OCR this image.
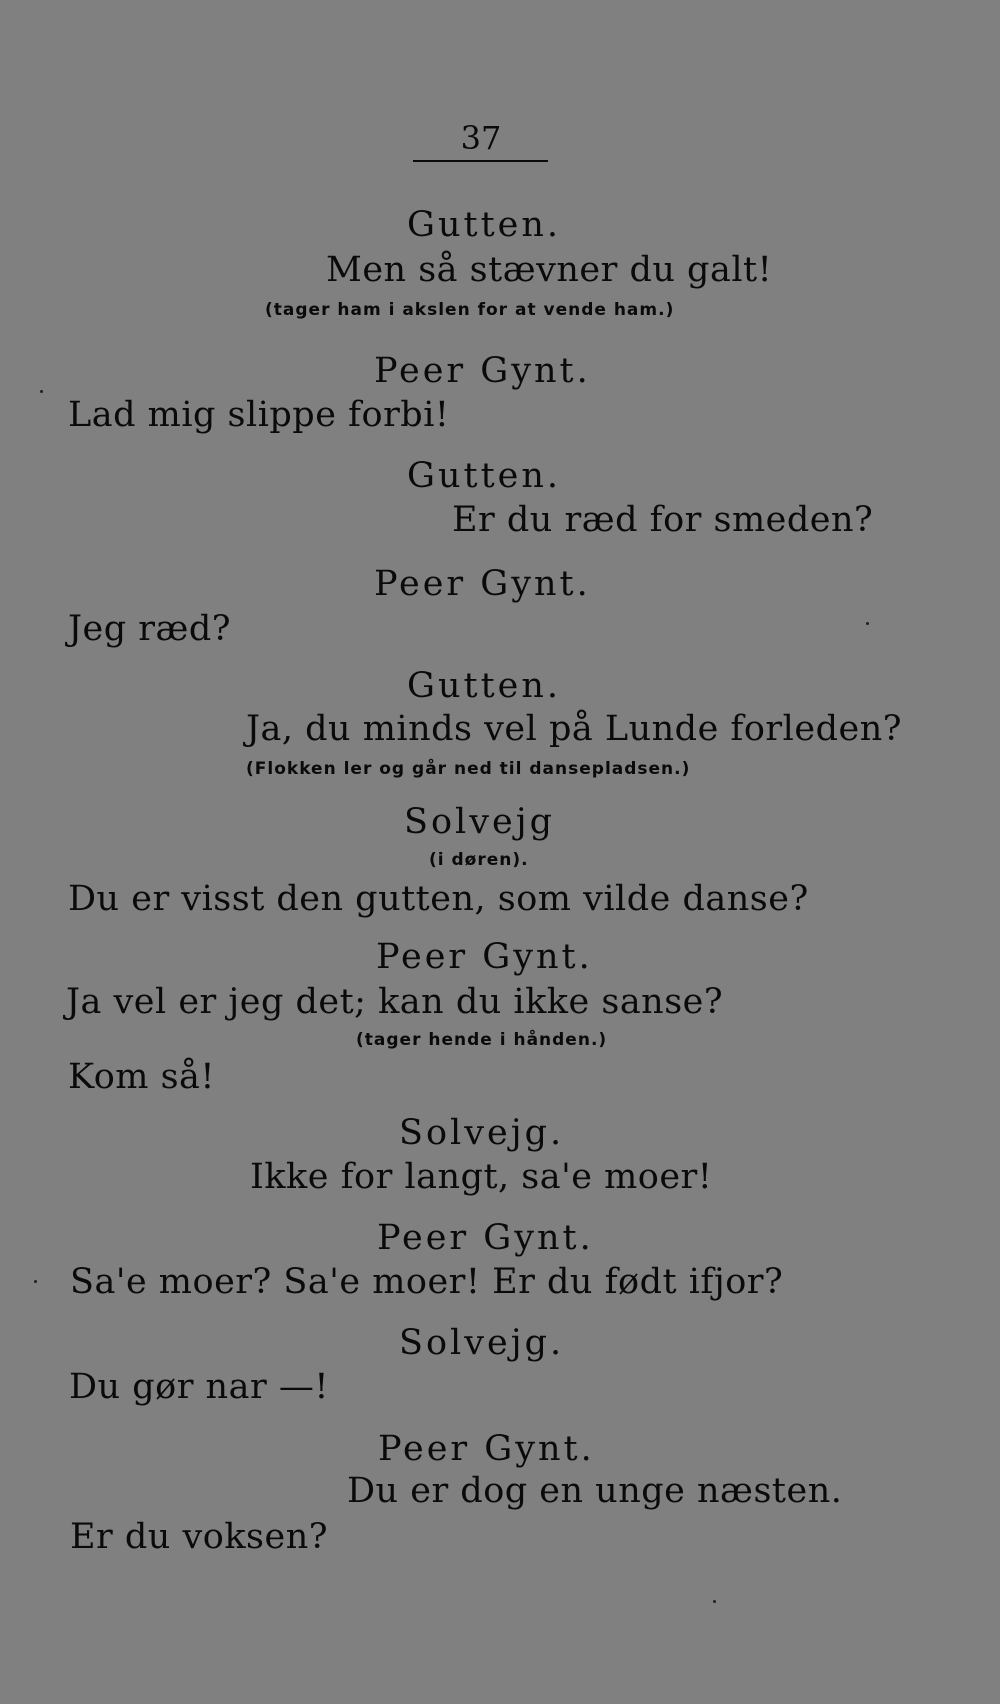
37
Gutten.
Men så stævner du galt!
(tager ham i akslen for at vende ham.)
Peer Gynt.
Lad mig slippe forbi!
Gutten.
Er du ræd for smeden?
Peer Gynt.
Jeg ræd?
Gutten.
Ja, du minds vel på Lunde forleden?
(Flokken ler og går ned til dansepladsen.)
Solvejg
(i døren).
Du er visst den gutten, som vilde danse?
Peer Gynt.
Ja vel er jeg det; kan du ikke sanse?
(tager hende i hånden.)
Kom så!
Solvejg.
Ikke for langt, sa'e moer!
Peer Gynt.
Sa'e moer? Sa'e moer! Er du født ifjor?
Solvejg.
Du gør nar —!
Peer Gynt.
Du er dog en unge næsten.
Er du voksen?
